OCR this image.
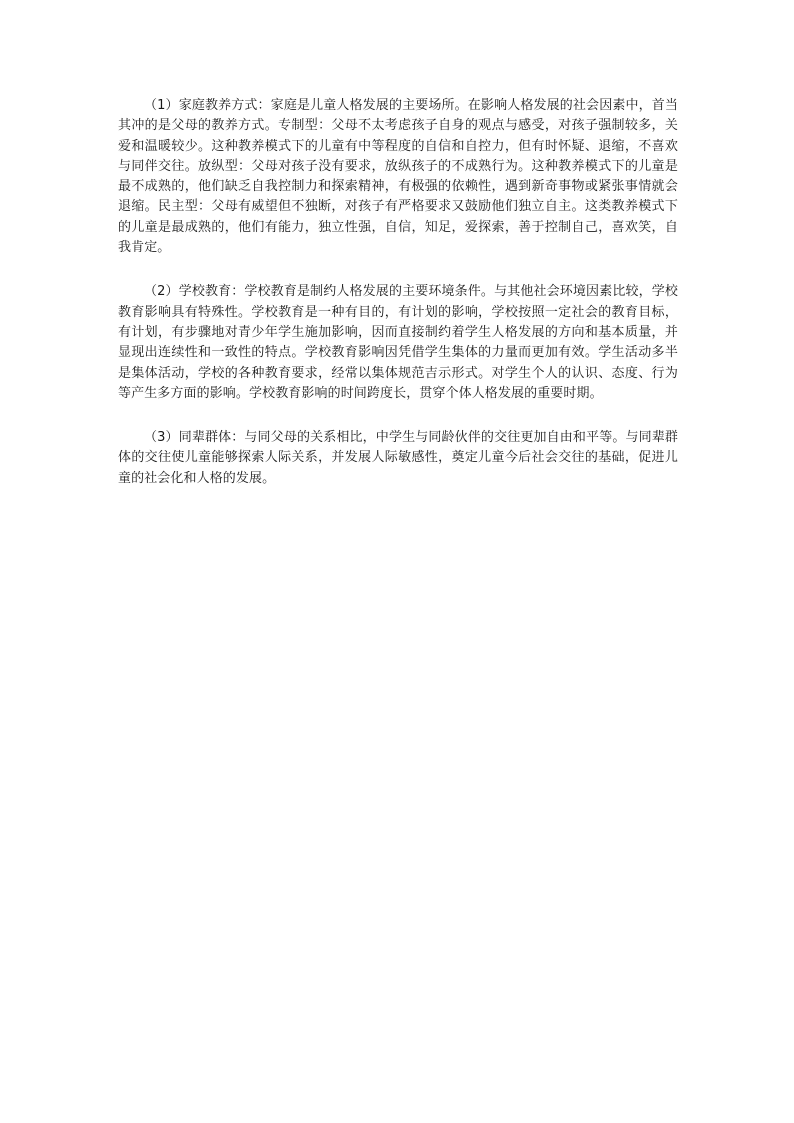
（1）家庭教养方式：家庭是儿童人格发展的主要场所。在影响人格发展的社会因素中，首当其冲的是父母的教养方式。专制型：父母不太考虑孩子自身的观点与感受，对孩子强制较多，关爱和温暖较少。这种教养模式下的儿童有中等程度的自信和自控力，但有时怀疑、退缩，不喜欢与同伴交往。放纵型：父母对孩子没有要求，放纵孩子的不成熟行为。这种教养模式下的儿童是最不成熟的，他们缺乏自我控制力和探索精神，有极强的依赖性，遇到新奇事物或紧张事情就会退缩。民主型：父母有威望但不独断，对孩子有严格要求又鼓励他们独立自主。这类教养模式下的儿童是最成熟的，他们有能力，独立性强，自信，知足，爱探索，善于控制自己，喜欢笑，自我肯定。

（2）学校教育：学校教育是制约人格发展的主要环境条件。与其他社会环境因素比较，学校教育影响具有特殊性。学校教育是一种有目的，有计划的影响，学校按照一定社会的教育目标，有计划，有步骤地对青少年学生施加影响，因而直接制约着学生人格发展的方向和基本质量，并显现出连续性和一致性的特点。学校教育影响因凭借学生集体的力量而更加有效。学生活动多半是集体活动，学校的各种教育要求，经常以集体规范吉示形式。对学生个人的认识、态度、行为等产生多方面的影响。学校教育影响的时间跨度长，贯穿个体人格发展的重要时期。

（3）同辈群体：与同父母的关系相比，中学生与同龄伙伴的交往更加自由和平等。与同辈群体的交往使儿童能够探索人际关系，并发展人际敏感性，奠定儿童今后社会交往的基础，促进儿童的社会化和人格的发展。
